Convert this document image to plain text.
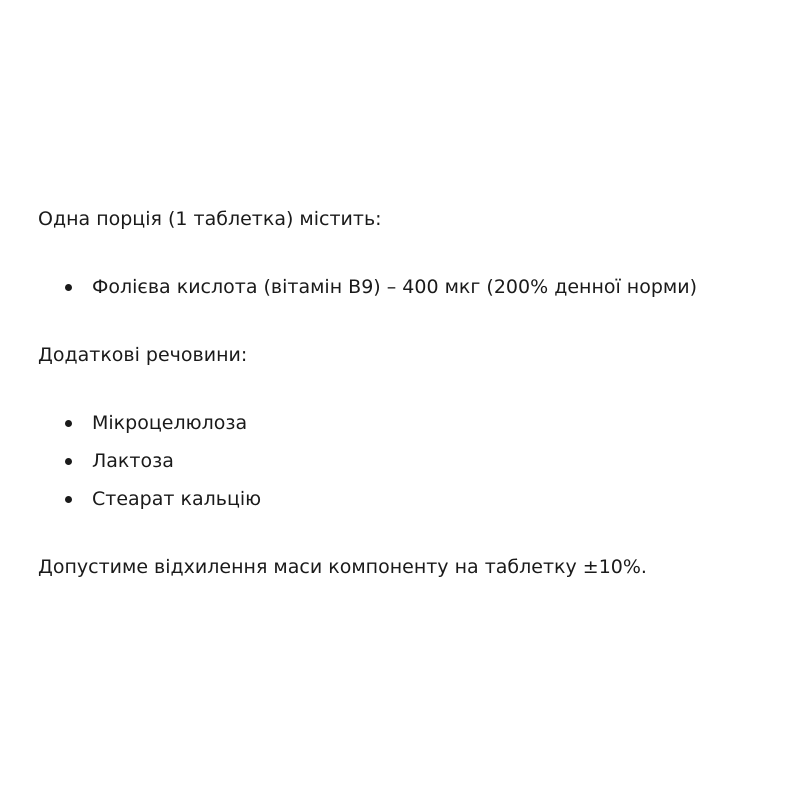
Одна порція (1 таблетка) містить:

Фолієва кислота (вітамін B9) – 400 мкг (200% денної норми)

Додаткові речовини:

Мікроцелюлоза
Лактоза
Стеарат кальцію

Допустиме відхилення маси компоненту на таблетку ±10%.
